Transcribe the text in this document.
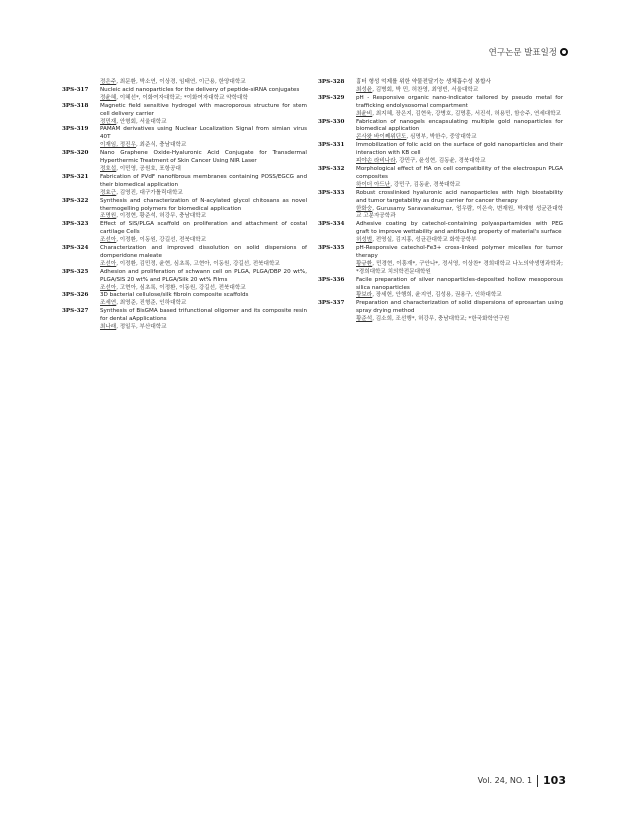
연구논문 발표일정
정은주, 최문환, 박소연, 이상경, 임태연, 이근용, 한양대학교
3PS-317	Nucleic acid nanoparticles for the delivery of peptide-siRNA conjugates
정윤혜, 이혜선*, 이화여자대학교; *이화여자대학교 약학대학
3PS-318	Magnetic field sensitive hydrogel with macroporous structure for stem cell delivery carrier
정민재, 안형회, 서울대학교
3PS-319	PAMAM derivatives using Nuclear Localization Signal from simian virus 40T
이재임, 정진우, 최준식, 충남대학교
3PS-320	Nano Graphene Oxide-Hyaluronic Acid Conjugate for Transdermal Hyperthermic Treatment of Skin Cancer Using NIR Laser
정호섭, 이민영, 공원호, 포항공대
3PS-321	Fabrication of PVdF nanofibrous membranes containing POSS/EGCG and their biomedical application
정효근, 김영진, 대구가톨릭대학교
3PS-322	Synthesis and characterization of N-acylated glycol chitosans as novel thermogelling polymers for biomedical application
조명원, 이정현, 황준석, 허강무, 충남대학교
3PS-323	Effect of SIS/PLGA scaffold on proliferation and attachment of costal cartilage Cells
조선아, 이정환, 이동원, 강길선, 전북대학교
3PS-324	Characterization and improved dissolution on solid dispersions of domperidone maleate
조선아, 이정환, 김민정, 윤현, 심초록, 고현아, 이동원, 강길선, 전북대학교
3PS-325	Adhesion and proliferation of schwann cell on PLGA, PLGA/DBP 20 wt%, PLGA/SIS 20 wt% and PLGA/Silk 20 wt% Films
조선아, 고현아, 심초록, 이정환, 이동원, 강길선, 전북대학교
3PS-326	3D bacterial cellulose/silk fibroin composite scaffolds
조세연, 최영준, 진형준, 인하대학교
3PS-327	Synthesis of BisGMA based trifunctional oligomer and its composite resin for dental aApplications
최나래, 정일두, 부산대학교
3PS-328	흉터 형성 억제를 위한 약물전달기능 생체흡수성 봉합사
최성윤, 김병회, 박 민, 허찬영, 최영빈, 서울대학교
3PS-329	pH - Responsive organic nano-indicator tailored by pseudo metal for trafficking endolysosomal compartment
최윤비, 최지혜, 장은지, 김현욱, 강병호, 김명훈, 서진석, 허용민, 함승주, 연세대학교
3PS-330	Fabrication of nanogels encapsulating multiple gold nanoparticles for biomedical application
콘사왓 바이쩨위딘도, 심명부, 박한수, 중앙대학교
3PS-331	Immobilization of folic acid on the surface of gold nanoparticles and their interaction with KB cell
피야손 라비나라, 강민구, 윤성현, 김동윤, 경북대학교
3PS-332	Morphological effect of HA on cell compatibility of the electrospun PLGA composites
하이더 아드난, 강민구, 김동윤, 경북대학교
3PS-333	Robust crosslinked hyaluronic acid nanoparticles with high biostability and tumor targetability as drug carrier for cancer therapy
한화숭, Gurusamy Saravanakumar, 엄우람, 이은숙, 변재원, 박재형 성균관대학교 고분자공학과
3PS-334	Adhesive coating by catechol-containing polyaspartamides with PEG graft to improve wettability and antifouling property of material's surface
허성범, 전영실, 김지홍, 성균관대학교 화학공학부
3PS-335	pH-Responsive catechol-Fe3+ cross-linked polymer micelles for tumor therapy
황규환, 민경현, 이흥재*, 구안나*, 정서영, 이상찬* 경희대학교 나노의약생명과학과; *경희대학교 치의학전문대학원
3PS-336	Facile preparation of silver nanoparticles-deposited hollow mesoporous silica nanoparticles
황보라, 장세헌, 안행희, 윤지연, 김성용, 권용구, 인하대학교
3PS-337	Preparation and characterization of solid dispersions of eprosartan using spray drying method
황준석, 김소희, 조선행*, 허강무, 충남대학교; *한국화학연구원
Vol. 24, NO. 1 103
